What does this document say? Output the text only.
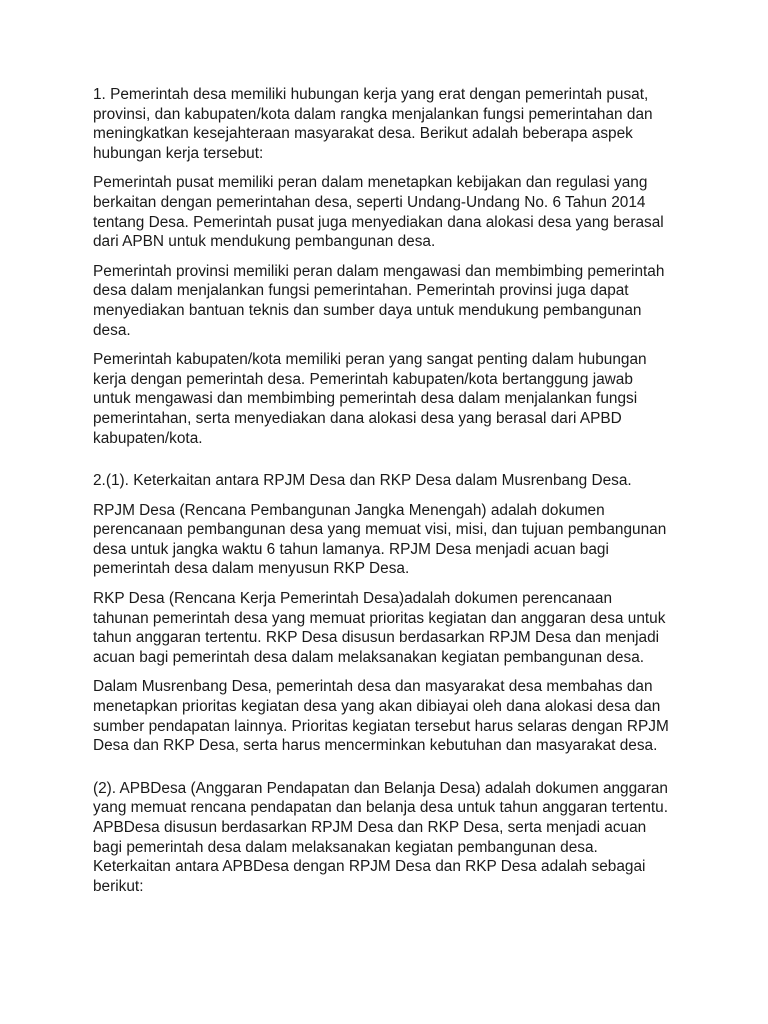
1. Pemerintah desa memiliki hubungan kerja yang erat dengan pemerintah pusat,
provinsi, dan kabupaten/kota dalam rangka menjalankan fungsi pemerintahan dan
meningkatkan kesejahteraan masyarakat desa. Berikut adalah beberapa aspek
hubungan kerja tersebut:

Pemerintah pusat memiliki peran dalam menetapkan kebijakan dan regulasi yang
berkaitan dengan pemerintahan desa, seperti Undang-Undang No. 6 Tahun 2014
tentang Desa. Pemerintah pusat juga menyediakan dana alokasi desa yang berasal
dari APBN untuk mendukung pembangunan desa.

Pemerintah provinsi memiliki peran dalam mengawasi dan membimbing pemerintah
desa dalam menjalankan fungsi pemerintahan. Pemerintah provinsi juga dapat
menyediakan bantuan teknis dan sumber daya untuk mendukung pembangunan
desa.

Pemerintah kabupaten/kota memiliki peran yang sangat penting dalam hubungan
kerja dengan pemerintah desa. Pemerintah kabupaten/kota bertanggung jawab
untuk mengawasi dan membimbing pemerintah desa dalam menjalankan fungsi
pemerintahan, serta menyediakan dana alokasi desa yang berasal dari APBD
kabupaten/kota.

2.(1). Keterkaitan antara RPJM Desa dan RKP Desa dalam Musrenbang Desa.

RPJM Desa (Rencana Pembangunan Jangka Menengah) adalah dokumen
perencanaan pembangunan desa yang memuat visi, misi, dan tujuan pembangunan
desa untuk jangka waktu 6 tahun lamanya. RPJM Desa menjadi acuan bagi
pemerintah desa dalam menyusun RKP Desa.

RKP Desa (Rencana Kerja Pemerintah Desa)adalah dokumen perencanaan
tahunan pemerintah desa yang memuat prioritas kegiatan dan anggaran desa untuk
tahun anggaran tertentu. RKP Desa disusun berdasarkan RPJM Desa dan menjadi
acuan bagi pemerintah desa dalam melaksanakan kegiatan pembangunan desa.

Dalam Musrenbang Desa, pemerintah desa dan masyarakat desa membahas dan
menetapkan prioritas kegiatan desa yang akan dibiayai oleh dana alokasi desa dan
sumber pendapatan lainnya. Prioritas kegiatan tersebut harus selaras dengan RPJM
Desa dan RKP Desa, serta harus mencerminkan kebutuhan dan masyarakat desa.

(2). APBDesa (Anggaran Pendapatan dan Belanja Desa) adalah dokumen anggaran
yang memuat rencana pendapatan dan belanja desa untuk tahun anggaran tertentu.
APBDesa disusun berdasarkan RPJM Desa dan RKP Desa, serta menjadi acuan
bagi pemerintah desa dalam melaksanakan kegiatan pembangunan desa.
Keterkaitan antara APBDesa dengan RPJM Desa dan RKP Desa adalah sebagai
berikut:
